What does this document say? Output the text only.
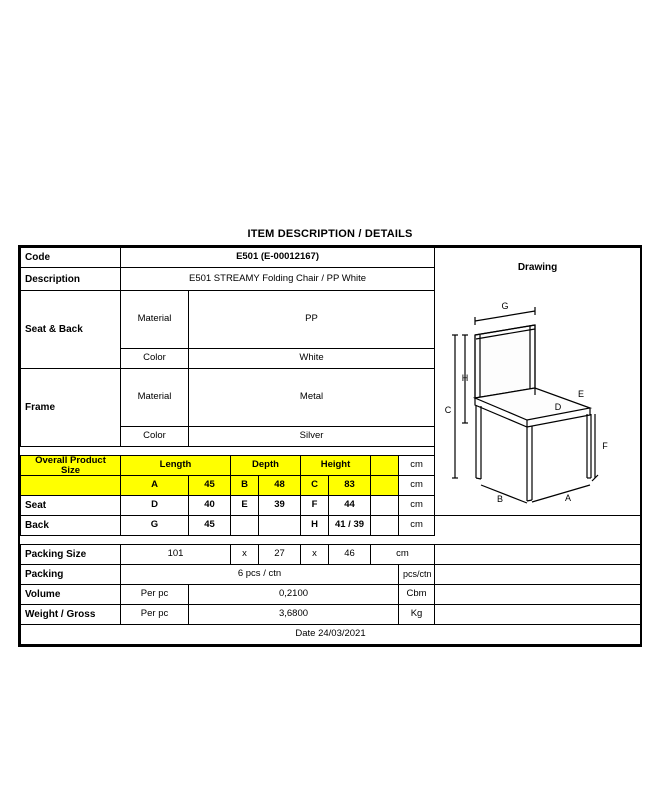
ITEM DESCRIPTION / DETAILS
Code	E501 (E-00012167)	
Drawing
G
H
C
E
D
F
B	A

Description	E501 STREAMY Folding Chair / PP White								
Seat & Back	Material	PP							
	Color	White							
Frame	Material	Metal							
	Color	Silver							

Overall Product Size	Length		Depth		Height			cm	
	A	45	B	48	C	83		cm	
Seat	D	40	E	39	F	44		cm	
Back	G	45			H	41 / 39		cm	

Packing Size	101		x	27	x	46	cm		
Packing	6 pcs / ctn							pcs/ctn	
Volume	Per pc	0,2100						Cbm	
Weight / Gross	Per pc	3,6800						Kg	
Date 24/03/2021									
